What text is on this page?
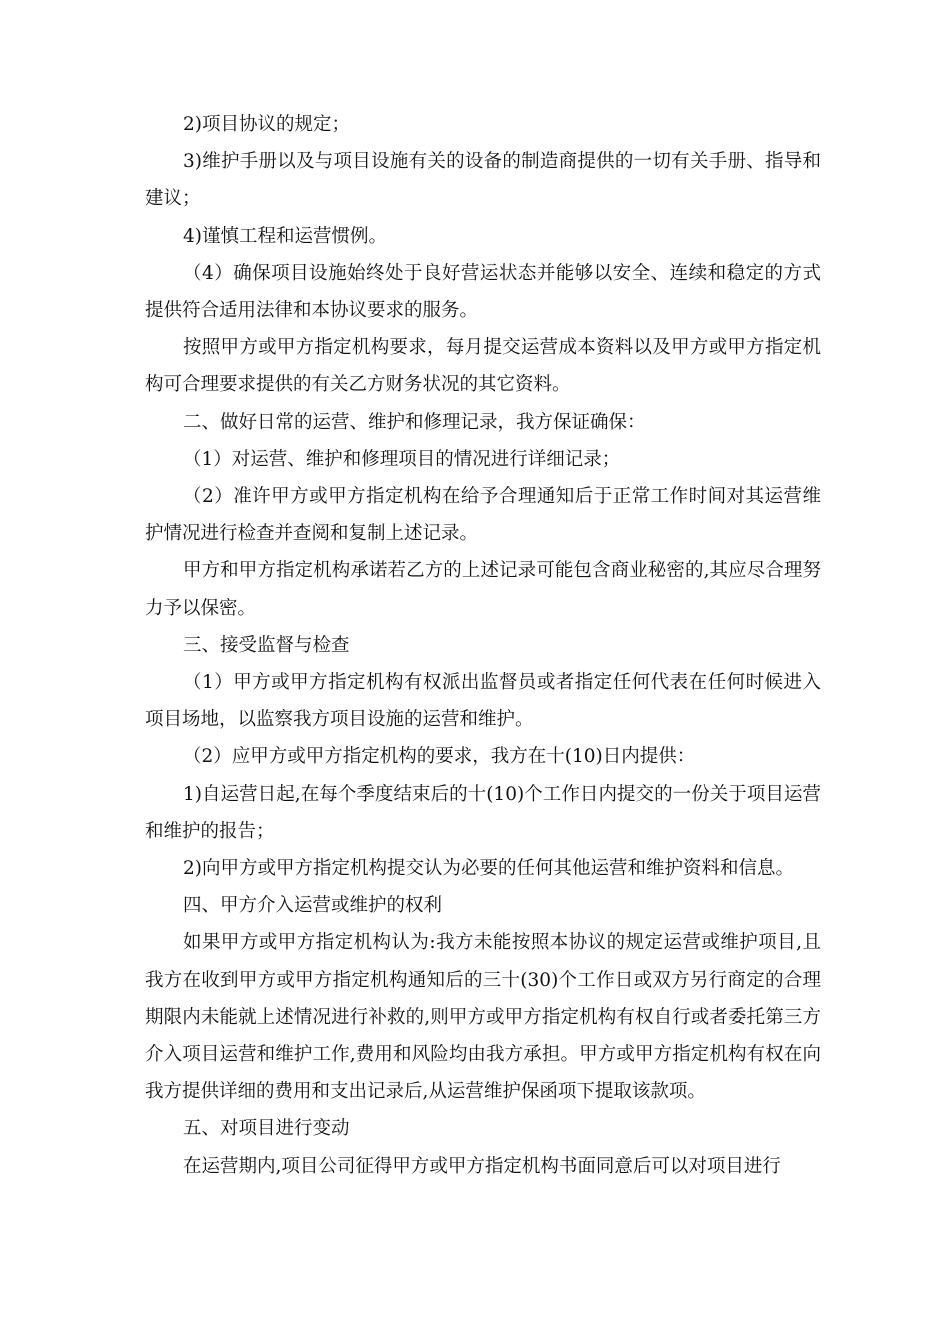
2)项目协议的规定；

3)维护手册以及与项目设施有关的设备的制造商提供的一切有关手册、指导和建议；

4)谨慎工程和运营惯例。

（4）确保项目设施始终处于良好营运状态并能够以安全、连续和稳定的方式提供符合适用法律和本协议要求的服务。

按照甲方或甲方指定机构要求，每月提交运营成本资料以及甲方或甲方指定机构可合理要求提供的有关乙方财务状况的其它资料。

二、做好日常的运营、维护和修理记录，我方保证确保：

（1）对运营、维护和修理项目的情况进行详细记录；

（2）准许甲方或甲方指定机构在给予合理通知后于正常工作时间对其运营维护情况进行检查并查阅和复制上述记录。

甲方和甲方指定机构承诺若乙方的上述记录可能包含商业秘密的,其应尽合理努力予以保密。

三、接受监督与检查

（1）甲方或甲方指定机构有权派出监督员或者指定任何代表在任何时候进入项目场地，以监察我方项目设施的运营和维护。

（2）应甲方或甲方指定机构的要求，我方在十(10)日内提供：

1)自运营日起,在每个季度结束后的十(10)个工作日内提交的一份关于项目运营和维护的报告；

2)向甲方或甲方指定机构提交认为必要的任何其他运营和维护资料和信息。

四、甲方介入运营或维护的权利

如果甲方或甲方指定机构认为:我方未能按照本协议的规定运营或维护项目,且我方在收到甲方或甲方指定机构通知后的三十(30)个工作日或双方另行商定的合理期限内未能就上述情况进行补救的,则甲方或甲方指定机构有权自行或者委托第三方介入项目运营和维护工作,费用和风险均由我方承担。甲方或甲方指定机构有权在向我方提供详细的费用和支出记录后,从运营维护保函项下提取该款项。

五、对项目进行变动

在运营期内,项目公司征得甲方或甲方指定机构书面同意后可以对项目进行
